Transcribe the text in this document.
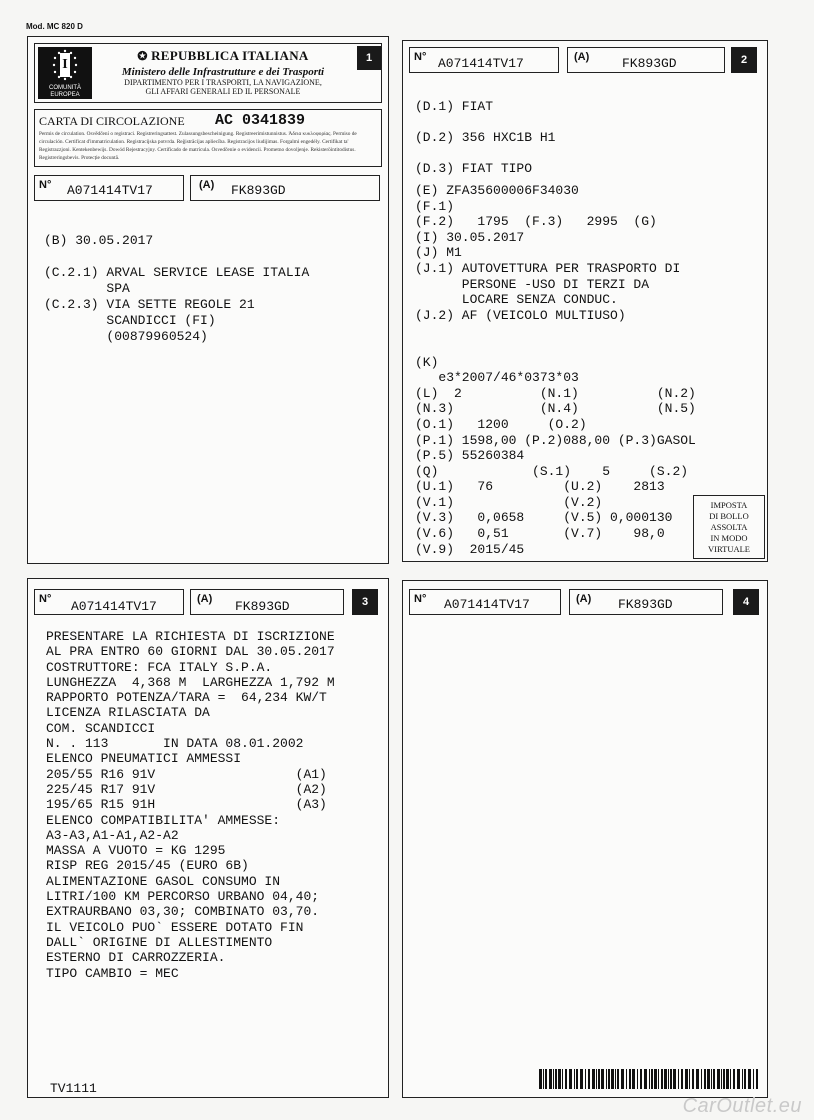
Mod. MC 820 D
I
COMUNITÀ EUROPEA
✪ REPUBBLICA ITALIANA
Ministero delle Infrastrutture e dei Trasporti
DIPARTIMENTO PER I TRASPORTI, LA NAVIGAZIONE,
GLI AFFARI GENERALI ED IL PERSONALE
1
CARTA DI CIRCOLAZIONE AC 0341839
Permis de circulation. Osvědčení o registraci. Registreringsattest. Zulassungsbescheinigung. Registreerimistunnistus. Άδεια κυκλοφορίας. Permiso de circulación. Certificat d'immatriculation. Registracijska potvrda. Reģistrācijas apliecība. Registracijos liudijimas. Forgalmi engedély. Certifikat ta' Registrazzjoni. Kentekenbewijs. Dowód Rejestracyjny. Certificado de matrícula. Osvedčenie o evidencii. Prometno dovoljenje. Rekisteröintitodistus. Registreringsbevis. Protecție docuntă.
N° A071414TV17	(A) FK893GD
(B) 30.05.2017
(C.2.1) ARVAL SERVICE LEASE ITALIA
SPA
(C.2.3) VIA SETTE REGOLE 21
SCANDICCI (FI)
(00879960524)
N° A071414TV17	(A)	FK893GD	2
(D.1) FIAT
(D.2) 356 HXC1B H1
(D.3) FIAT TIPO
(E) ZFA35600006F34030
(F.1)
(F.2)   1795  (F.3)   2995  (G)
(I) 30.05.2017
(J) M1
(J.1) AUTOVETTURA PER TRASPORTO DI
PERSONE -USO DI TERZI DA
LOCARE SENZA CONDUC.
(J.2) AF (VEICOLO MULTIUSO)
(K)
e3*2007/46*0373*03
(L)  2          (N.1)          (N.2)
(N.3)           (N.4)          (N.5)
(O.1)   1200     (O.2)
(P.1) 1598,00 (P.2)088,00 (P.3)GASOL
(P.5) 55260384
(Q)            (S.1)    5     (S.2)
(U.1)   76         (U.2)    2813
(V.1)              (V.2)
(V.3)   0,0658     (V.5) 0,000130
(V.6)   0,51       (V.7)    98,0
(V.9)  2015/45
IMPOSTA
DI BOLLO
ASSOLTA
IN MODO
VIRTUALE
N° A071414TV17	(A) FK893GD	3
PRESENTARE LA RICHIESTA DI ISCRIZIONE
AL PRA ENTRO 60 GIORNI DAL 30.05.2017
COSTRUTTORE: FCA ITALY S.P.A.
LUNGHEZZA  4,368 M  LARGHEZZA 1,792 M
RAPPORTO POTENZA/TARA =  64,234 KW/T
LICENZA RILASCIATA DA
COM. SCANDICCI
N. . 113       IN DATA 08.01.2002
ELENCO PNEUMATICI AMMESSI
205/55 R16 91V                  (A1)
225/45 R17 91V                  (A2)
195/65 R15 91H                  (A3)
ELENCO COMPATIBILITA' AMMESSE:
A3-A3,A1-A1,A2-A2
MASSA A VUOTO = KG 1295
RISP REG 2015/45 (EURO 6B)
ALIMENTAZIONE GASOL CONSUMO IN
LITRI/100 KM PERCORSO URBANO 04,40;
EXTRAURBANO 03,30; COMBINATO 03,70.
IL VEICOLO PUO` ESSERE DOTATO FIN
DALL` ORIGINE DI ALLESTIMENTO
ESTERNO DI CARROZZERIA.
TIPO CAMBIO = MEC
TV1111
N° A071414TV17	(A) FK893GD	4
CarOutlet.eu
